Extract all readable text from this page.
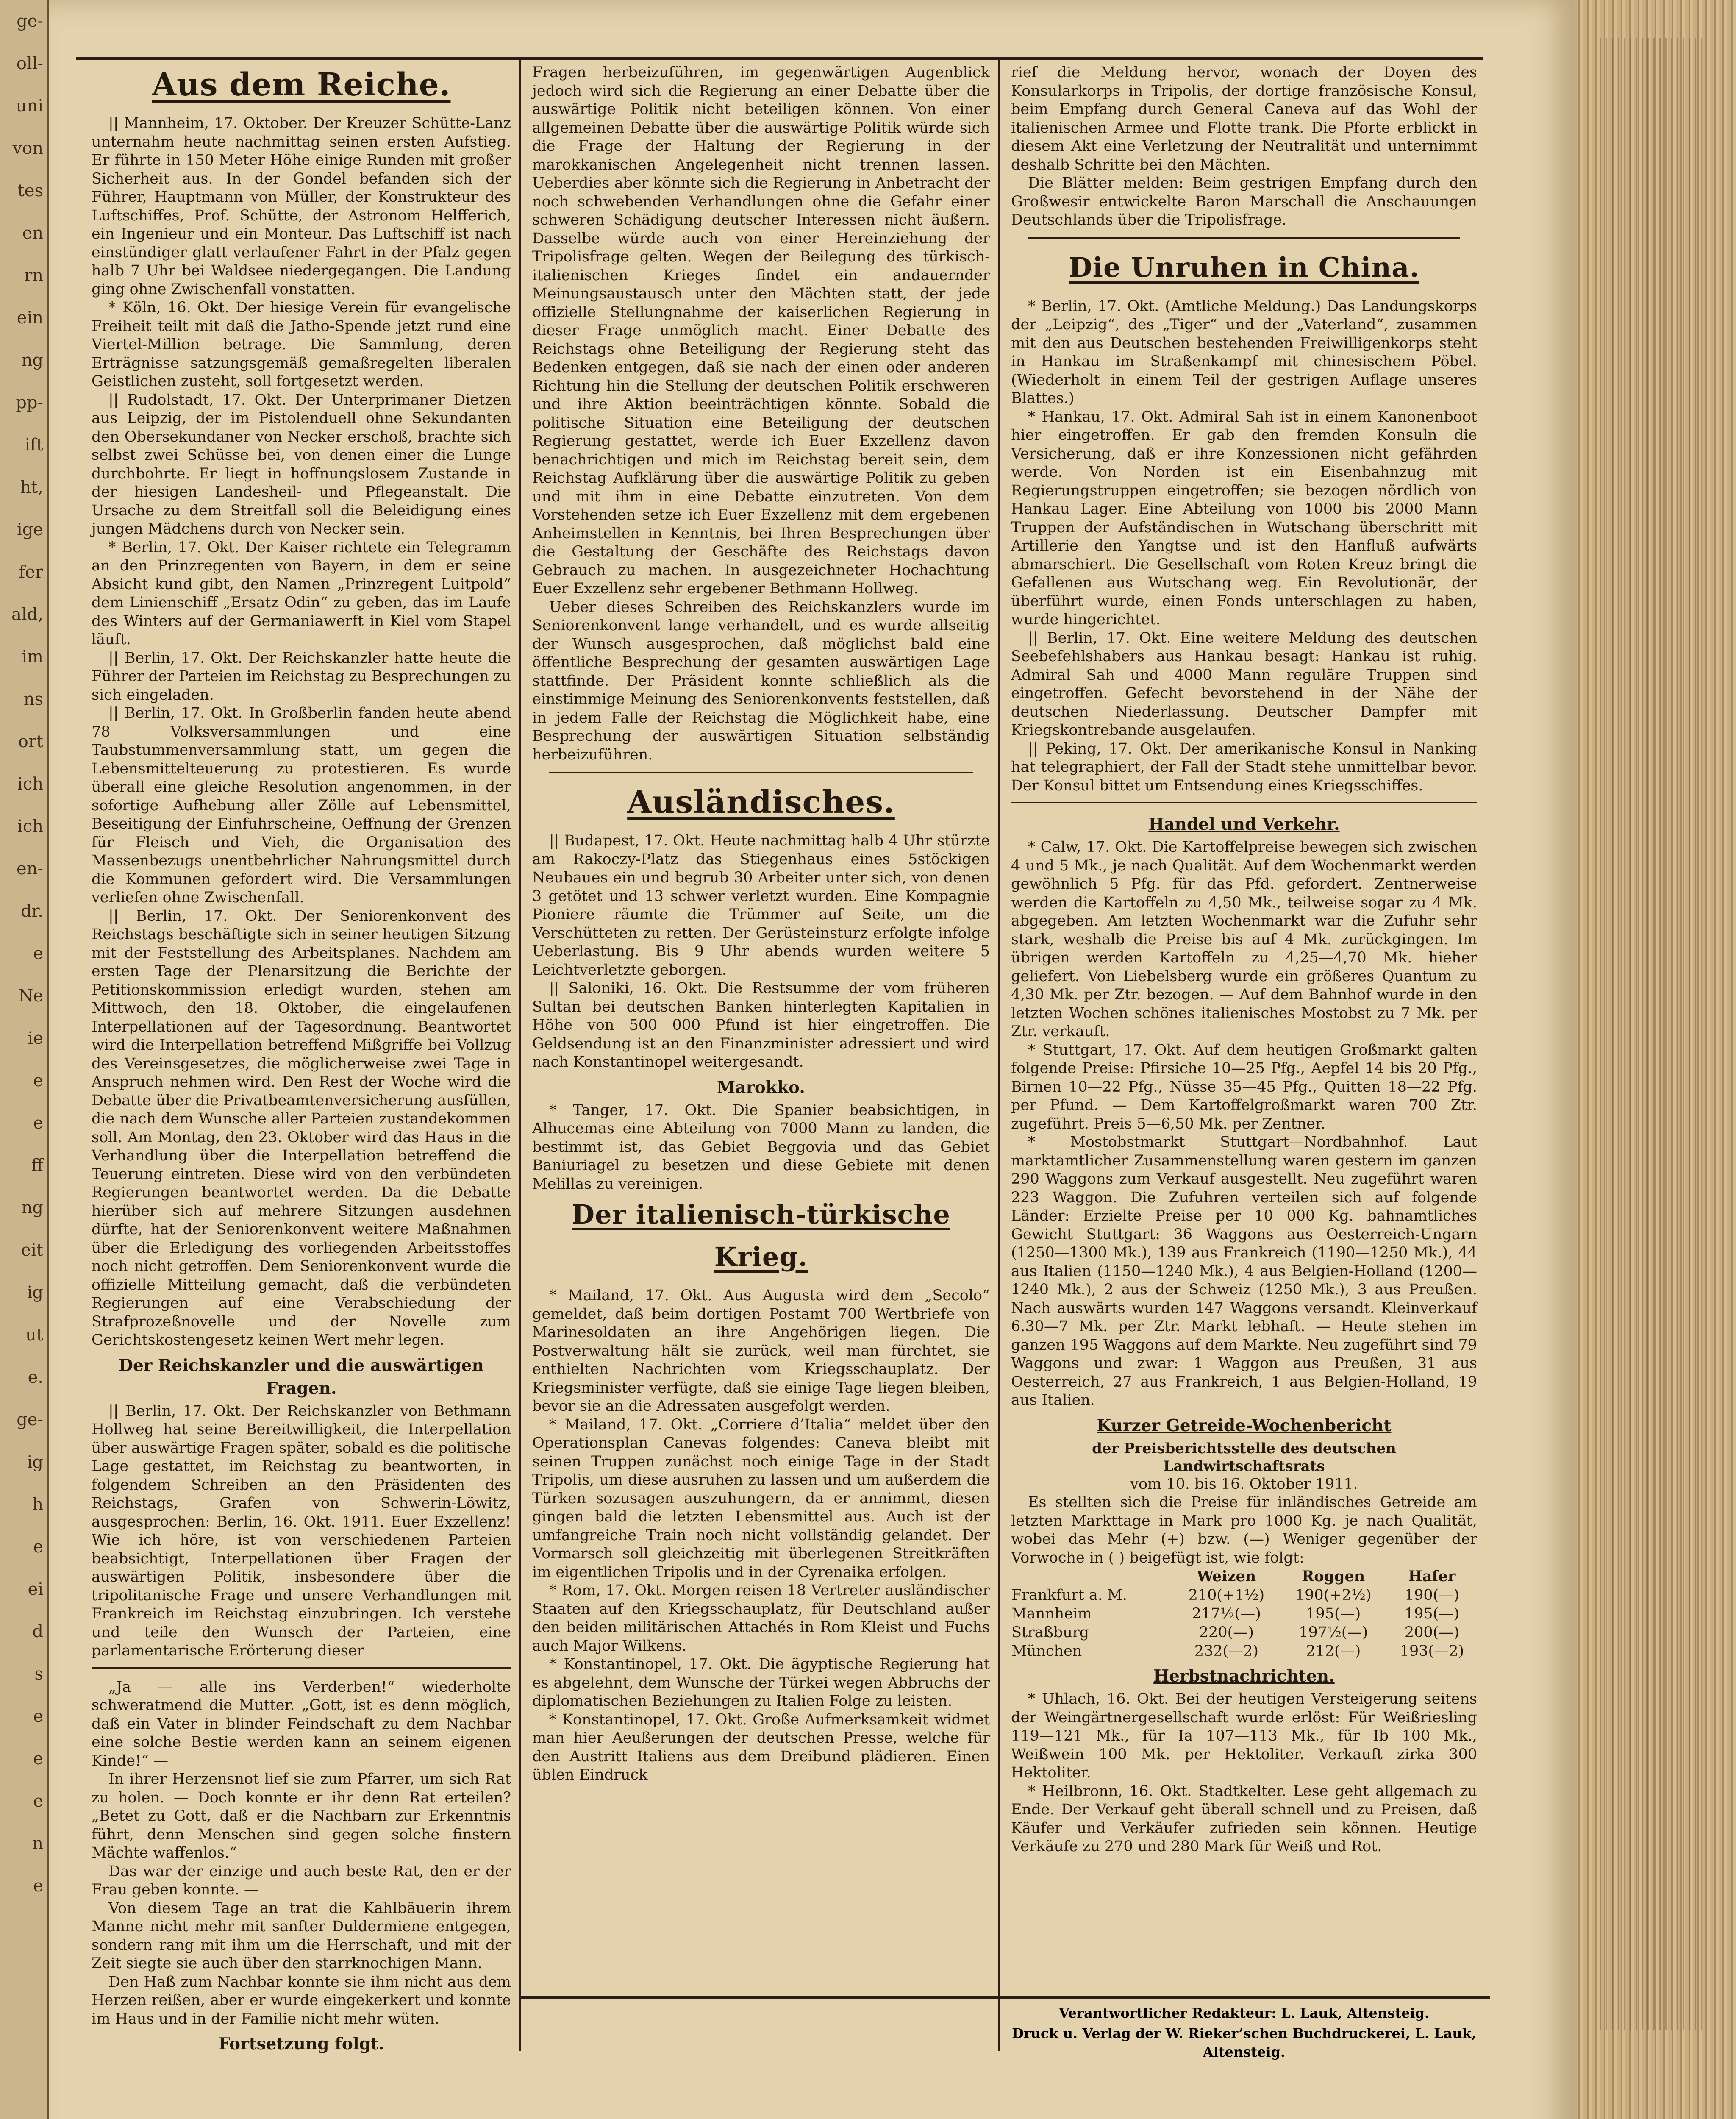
ge-
oll-
uni
von
tes
en
rn
ein
ng
pp-
ift
ht,
ige
fer
ald,
im
ns
ort
ich
ich
en-
dr.
e
Ne
ie
e
e
ff
ng
eit
ig
ut
e.
ge-
ig
h
e
ei
d
s
e
e
e
n
e
Aus dem Reiche.

|| Mannheim, 17. Oktober. Der Kreuzer Schütte-Lanz unternahm heute nachmittag seinen ersten Aufstieg. Er führte in 150 Meter Höhe einige Runden mit großer Sicherheit aus. In der Gondel befanden sich der Führer, Hauptmann von Müller, der Konstrukteur des Luftschiffes, Prof. Schütte, der Astronom Helfferich, ein Ingenieur und ein Monteur. Das Luftschiff ist nach einstündiger glatt verlaufener Fahrt in der Pfalz gegen halb 7 Uhr bei Waldsee niedergegangen. Die Landung ging ohne Zwischenfall vonstatten.

* Köln, 16. Okt. Der hiesige Verein für evangelische Freiheit teilt mit daß die Jatho-Spende jetzt rund eine Viertel-Million betrage. Die Sammlung, deren Erträgnisse satzungsgemäß gemaßregelten liberalen Geistlichen zusteht, soll fortgesetzt werden.

|| Rudolstadt, 17. Okt. Der Unterprimaner Dietzen aus Leipzig, der im Pistolenduell ohne Sekundanten den Obersekundaner von Necker erschoß, brachte sich selbst zwei Schüsse bei, von denen einer die Lunge durchbohrte. Er liegt in hoffnungslosem Zustande in der hiesigen Landesheil- und Pflegeanstalt. Die Ursache zu dem Streitfall soll die Beleidigung eines jungen Mädchens durch von Necker sein.

* Berlin, 17. Okt. Der Kaiser richtete ein Telegramm an den Prinzregenten von Bayern, in dem er seine Absicht kund gibt, den Namen „Prinzregent Luitpold“ dem Linienschiff „Ersatz Odin“ zu geben, das im Laufe des Winters auf der Germaniawerft in Kiel vom Stapel läuft.

|| Berlin, 17. Okt. Der Reichskanzler hatte heute die Führer der Parteien im Reichstag zu Besprechungen zu sich eingeladen.

|| Berlin, 17. Okt. In Großberlin fanden heute abend 78 Volksversammlungen und eine Taubstummenversammlung statt, um gegen die Lebensmittelteuerung zu protestieren. Es wurde überall eine gleiche Resolution angenommen, in der sofortige Aufhebung aller Zölle auf Lebensmittel, Beseitigung der Einfuhrscheine, Oeffnung der Grenzen für Fleisch und Vieh, die Organisation des Massenbezugs unentbehrlicher Nahrungsmittel durch die Kommunen gefordert wird. Die Versammlungen verliefen ohne Zwischenfall.

|| Berlin, 17. Okt. Der Seniorenkonvent des Reichstags beschäftigte sich in seiner heutigen Sitzung mit der Feststellung des Arbeitsplanes. Nachdem am ersten Tage der Plenarsitzung die Berichte der Petitionskommission erledigt wurden, stehen am Mittwoch, den 18. Oktober, die eingelaufenen Interpellationen auf der Tagesordnung. Beantwortet wird die Interpellation betreffend Mißgriffe bei Vollzug des Vereinsgesetzes, die möglicherweise zwei Tage in Anspruch nehmen wird. Den Rest der Woche wird die Debatte über die Privatbeamtenversicherung ausfüllen, die nach dem Wunsche aller Parteien zustandekommen soll. Am Montag, den 23. Oktober wird das Haus in die Verhandlung über die Interpellation betreffend die Teuerung eintreten. Diese wird von den verbündeten Regierungen beantwortet werden. Da die Debatte hierüber sich auf mehrere Sitzungen ausdehnen dürfte, hat der Seniorenkonvent weitere Maßnahmen über die Erledigung des vorliegenden Arbeitsstoffes noch nicht getroffen. Dem Seniorenkonvent wurde die offizielle Mitteilung gemacht, daß die verbündeten Regierungen auf eine Verabschiedung der Strafprozeßnovelle und der Novelle zum Gerichtskostengesetz keinen Wert mehr legen.

Der Reichskanzler und die auswärtigen Fragen.

|| Berlin, 17. Okt. Der Reichskanzler von Bethmann Hollweg hat seine Bereitwilligkeit, die Interpellation über auswärtige Fragen später, sobald es die politische Lage gestattet, im Reichstag zu beantworten, in folgendem Schreiben an den Präsidenten des Reichstags, Grafen von Schwerin-Löwitz, ausgesprochen: Berlin, 16. Okt. 1911. Euer Exzellenz! Wie ich höre, ist von verschiedenen Parteien beabsichtigt, Interpellationen über Fragen der auswärtigen Politik, insbesondere über die tripolitanische Frage und unsere Verhandlungen mit Frankreich im Reichstag einzubringen. Ich verstehe und teile den Wunsch der Parteien, eine parlamentarische Erörterung dieser

„Ja — alle ins Verderben!“ wiederholte schweratmend die Mutter. „Gott, ist es denn möglich, daß ein Vater in blinder Feindschaft zu dem Nachbar eine solche Bestie werden kann an seinem eigenen Kinde!“ —

In ihrer Herzensnot lief sie zum Pfarrer, um sich Rat zu holen. — Doch konnte er ihr denn Rat erteilen? „Betet zu Gott, daß er die Nachbarn zur Erkenntnis führt, denn Menschen sind gegen solche finstern Mächte waffenlos.“

Das war der einzige und auch beste Rat, den er der Frau geben konnte. —

Von diesem Tage an trat die Kahlbäuerin ihrem Manne nicht mehr mit sanfter Duldermiene entgegen, sondern rang mit ihm um die Herrschaft, und mit der Zeit siegte sie auch über den starrknochigen Mann.

Den Haß zum Nachbar konnte sie ihm nicht aus dem Herzen reißen, aber er wurde eingekerkert und konnte im Haus und in der Familie nicht mehr wüten.

Fortsetzung folgt.

Fragen herbeizuführen, im gegenwärtigen Augenblick jedoch wird sich die Regierung an einer Debatte über die auswärtige Politik nicht beteiligen können. Von einer allgemeinen Debatte über die auswärtige Politik würde sich die Frage der Haltung der Regierung in der marokkanischen Angelegenheit nicht trennen lassen. Ueberdies aber könnte sich die Regierung in Anbetracht der noch schwebenden Verhandlungen ohne die Gefahr einer schweren Schädigung deutscher Interessen nicht äußern. Dasselbe würde auch von einer Hereinziehung der Tripolisfrage gelten. Wegen der Beilegung des türkisch-italienischen Krieges findet ein andauernder Meinungsaustausch unter den Mächten statt, der jede offizielle Stellungnahme der kaiserlichen Regierung in dieser Frage unmöglich macht. Einer Debatte des Reichstags ohne Beteiligung der Regierung steht das Bedenken entgegen, daß sie nach der einen oder anderen Richtung hin die Stellung der deutschen Politik erschweren und ihre Aktion beeinträchtigen könnte. Sobald die politische Situation eine Beteiligung der deutschen Regierung gestattet, werde ich Euer Exzellenz davon benachrichtigen und mich im Reichstag bereit sein, dem Reichstag Aufklärung über die auswärtige Politik zu geben und mit ihm in eine Debatte einzutreten. Von dem Vorstehenden setze ich Euer Exzellenz mit dem ergebenen Anheimstellen in Kenntnis, bei Ihren Besprechungen über die Gestaltung der Geschäfte des Reichstags davon Gebrauch zu machen. In ausgezeichneter Hochachtung Euer Exzellenz sehr ergebener Bethmann Hollweg.

Ueber dieses Schreiben des Reichskanzlers wurde im Seniorenkonvent lange verhandelt, und es wurde allseitig der Wunsch ausgesprochen, daß möglichst bald eine öffentliche Besprechung der gesamten auswärtigen Lage stattfinde. Der Präsident konnte schließlich als die einstimmige Meinung des Seniorenkonvents feststellen, daß in jedem Falle der Reichstag die Möglichkeit habe, eine Besprechung der auswärtigen Situation selbständig herbeizuführen.

Ausländisches.

|| Budapest, 17. Okt. Heute nachmittag halb 4 Uhr stürzte am Rakoczy-Platz das Stiegenhaus eines 5stöckigen Neubaues ein und begrub 30 Arbeiter unter sich, von denen 3 getötet und 13 schwer verletzt wurden. Eine Kompagnie Pioniere räumte die Trümmer auf Seite, um die Verschütteten zu retten. Der Gerüsteinsturz erfolgte infolge Ueberlastung. Bis 9 Uhr abends wurden weitere 5 Leichtverletzte geborgen.

|| Saloniki, 16. Okt. Die Restsumme der vom früheren Sultan bei deutschen Banken hinterlegten Kapitalien in Höhe von 500 000 Pfund ist hier eingetroffen. Die Geldsendung ist an den Finanzminister adressiert und wird nach Konstantinopel weitergesandt.

Marokko.

* Tanger, 17. Okt. Die Spanier beabsichtigen, in Alhucemas eine Abteilung von 7000 Mann zu landen, die bestimmt ist, das Gebiet Beggovia und das Gebiet Baniuriagel zu besetzen und diese Gebiete mit denen Melillas zu vereinigen.

Der italienisch-türkische Krieg.

* Mailand, 17. Okt. Aus Augusta wird dem „Secolo“ gemeldet, daß beim dortigen Postamt 700 Wertbriefe von Marinesoldaten an ihre Angehörigen liegen. Die Postverwaltung hält sie zurück, weil man fürchtet, sie enthielten Nachrichten vom Kriegsschauplatz. Der Kriegsminister verfügte, daß sie einige Tage liegen bleiben, bevor sie an die Adressaten ausgefolgt werden.

* Mailand, 17. Okt. „Corriere d’Italia“ meldet über den Operationsplan Canevas folgendes: Canevа bleibt mit seinen Truppen zunächst noch einige Tage in der Stadt Tripolis, um diese ausruhen zu lassen und um außerdem die Türken sozusagen auszuhungern, da er annimmt, diesen gingen bald die letzten Lebensmittel aus. Auch ist der umfangreiche Train noch nicht vollständig gelandet. Der Vormarsch soll gleichzeitig mit überlegenen Streitkräften im eigentlichen Tripolis und in der Cyrenaika erfolgen.

* Rom, 17. Okt. Morgen reisen 18 Vertreter ausländischer Staaten auf den Kriegsschauplatz, für Deutschland außer den beiden militärischen Attachés in Rom Kleist und Fuchs auch Major Wilkens.

* Konstantinopel, 17. Okt. Die ägyptische Regierung hat es abgelehnt, dem Wunsche der Türkei wegen Abbruchs der diplomatischen Beziehungen zu Italien Folge zu leisten.

* Konstantinopel, 17. Okt. Große Aufmerksamkeit widmet man hier Aeußerungen der deutschen Presse, welche für den Austritt Italiens aus dem Dreibund plädieren. Einen üblen Eindruck

rief die Meldung hervor, wonach der Doyen des Konsularkorps in Tripolis, der dortige französische Konsul, beim Empfang durch General Caneva auf das Wohl der italienischen Armee und Flotte trank. Die Pforte erblickt in diesem Akt eine Verletzung der Neutralität und unternimmt deshalb Schritte bei den Mächten.

Die Blätter melden: Beim gestrigen Empfang durch den Großwesir entwickelte Baron Marschall die Anschauungen Deutschlands über die Tripolisfrage.

Die Unruhen in China.

* Berlin, 17. Okt. (Amtliche Meldung.) Das Landungskorps der „Leipzig“, des „Tiger“ und der „Vaterland“, zusammen mit den aus Deutschen bestehenden Freiwilligenkorps steht in Hankau im Straßenkampf mit chinesischem Pöbel. (Wiederholt in einem Teil der gestrigen Auflage unseres Blattes.)

* Hankau, 17. Okt. Admiral Sah ist in einem Kanonenboot hier eingetroffen. Er gab den fremden Konsuln die Versicherung, daß er ihre Konzessionen nicht gefährden werde. Von Norden ist ein Eisenbahnzug mit Regierungstruppen eingetroffen; sie bezogen nördlich von Hankau Lager. Eine Abteilung von 1000 bis 2000 Mann Truppen der Aufständischen in Wutschang überschritt mit Artillerie den Yangtse und ist den Hanfluß aufwärts abmarschiert. Die Gesellschaft vom Roten Kreuz bringt die Gefallenen aus Wutschang weg. Ein Revolutionär, der überführt wurde, einen Fonds unterschlagen zu haben, wurde hingerichtet.

|| Berlin, 17. Okt. Eine weitere Meldung des deutschen Seebefehlshabers aus Hankau besagt: Hankau ist ruhig. Admiral Sah und 4000 Mann reguläre Truppen sind eingetroffen. Gefecht bevorstehend in der Nähe der deutschen Niederlassung. Deutscher Dampfer mit Kriegskontrebande ausgelaufen.

|| Peking, 17. Okt. Der amerikanische Konsul in Nanking hat telegraphiert, der Fall der Stadt stehe unmittelbar bevor. Der Konsul bittet um Entsendung eines Kriegsschiffes.

Handel und Verkehr.

* Calw, 17. Okt. Die Kartoffelpreise bewegen sich zwischen 4 und 5 Mk., je nach Qualität. Auf dem Wochenmarkt werden gewöhnlich 5 Pfg. für das Pfd. gefordert. Zentnerweise werden die Kartoffeln zu 4,50 Mk., teilweise sogar zu 4 Mk. abgegeben. Am letzten Wochenmarkt war die Zufuhr sehr stark, weshalb die Preise bis auf 4 Mk. zurückgingen. Im übrigen werden Kartoffeln zu 4,25—4,70 Mk. hieher geliefert. Von Liebelsberg wurde ein größeres Quantum zu 4,30 Mk. per Ztr. bezogen. — Auf dem Bahnhof wurde in den letzten Wochen schönes italienisches Mostobst zu 7 Mk. per Ztr. verkauft.

* Stuttgart, 17. Okt. Auf dem heutigen Großmarkt galten folgende Preise: Pfirsiche 10—25 Pfg., Aepfel 14 bis 20 Pfg., Birnen 10—22 Pfg., Nüsse 35—45 Pfg., Quitten 18—22 Pfg. per Pfund. — Dem Kartoffelgroßmarkt waren 700 Ztr. zugeführt. Preis 5—6,50 Mk. per Zentner.

* Mostobstmarkt Stuttgart—Nordbahnhof. Laut marktamtlicher Zusammenstellung waren gestern im ganzen 290 Waggons zum Verkauf ausgestellt. Neu zugeführt waren 223 Waggon. Die Zufuhren verteilen sich auf folgende Länder: Erzielte Preise per 10 000 Kg. bahnamtliches Gewicht Stuttgart: 36 Waggons aus Oesterreich-Ungarn (1250—1300 Mk.), 139 aus Frankreich (1190—1250 Mk.), 44 aus Italien (1150—1240 Mk.), 4 aus Belgien-Holland (1200—1240 Mk.), 2 aus der Schweiz (1250 Mk.), 3 aus Preußen. Nach auswärts wurden 147 Waggons versandt. Kleinverkauf 6.30—7 Mk. per Ztr. Markt lebhaft. — Heute stehen im ganzen 195 Waggons auf dem Markte. Neu zugeführt sind 79 Waggons und zwar: 1 Waggon aus Preußen, 31 aus Oesterreich, 27 aus Frankreich, 1 aus Belgien-Holland, 19 aus Italien.

Kurzer Getreide-Wochenbericht
der Preisberichtsstelle des deutschen Landwirtschaftsrats
vom 10. bis 16. Oktober 1911.

Es stellten sich die Preise für inländisches Getreide am letzten Markttage in Mark pro 1000 Kg. je nach Qualität, wobei das Mehr (+) bzw. (—) Weniger gegenüber der Vorwoche in ( ) beigefügt ist, wie folgt:

	Weizen	Roggen	Hafer
Frankfurt a. M.	210(+1½)	190(+2½)	190(—)
Mannheim	217½(—)	195(—)	195(—)
Straßburg	220(—)	197½(—)	200(—)
München	232(—2)	212(—)	193(—2)
Herbstnachrichten.

* Uhlach, 16. Okt. Bei der heutigen Versteigerung seitens der Weingärtnergesellschaft wurde erlöst: Für Weißriesling 119—121 Mk., für Ia 107—113 Mk., für Ib 100 Mk., Weißwein 100 Mk. per Hektoliter. Verkauft zirka 300 Hektoliter.

* Heilbronn, 16. Okt. Stadtkelter. Lese geht allgemach zu Ende. Der Verkauf geht überall schnell und zu Preisen, daß Käufer und Verkäufer zufrieden sein können. Heutige Verkäufe zu 270 und 280 Mark für Weiß und Rot.

Verantwortlicher Redakteur: L. Lauk, Altensteig.
Druck u. Verlag der W. Rieker’schen Buchdruckerei, L. Lauk, Altensteig.
